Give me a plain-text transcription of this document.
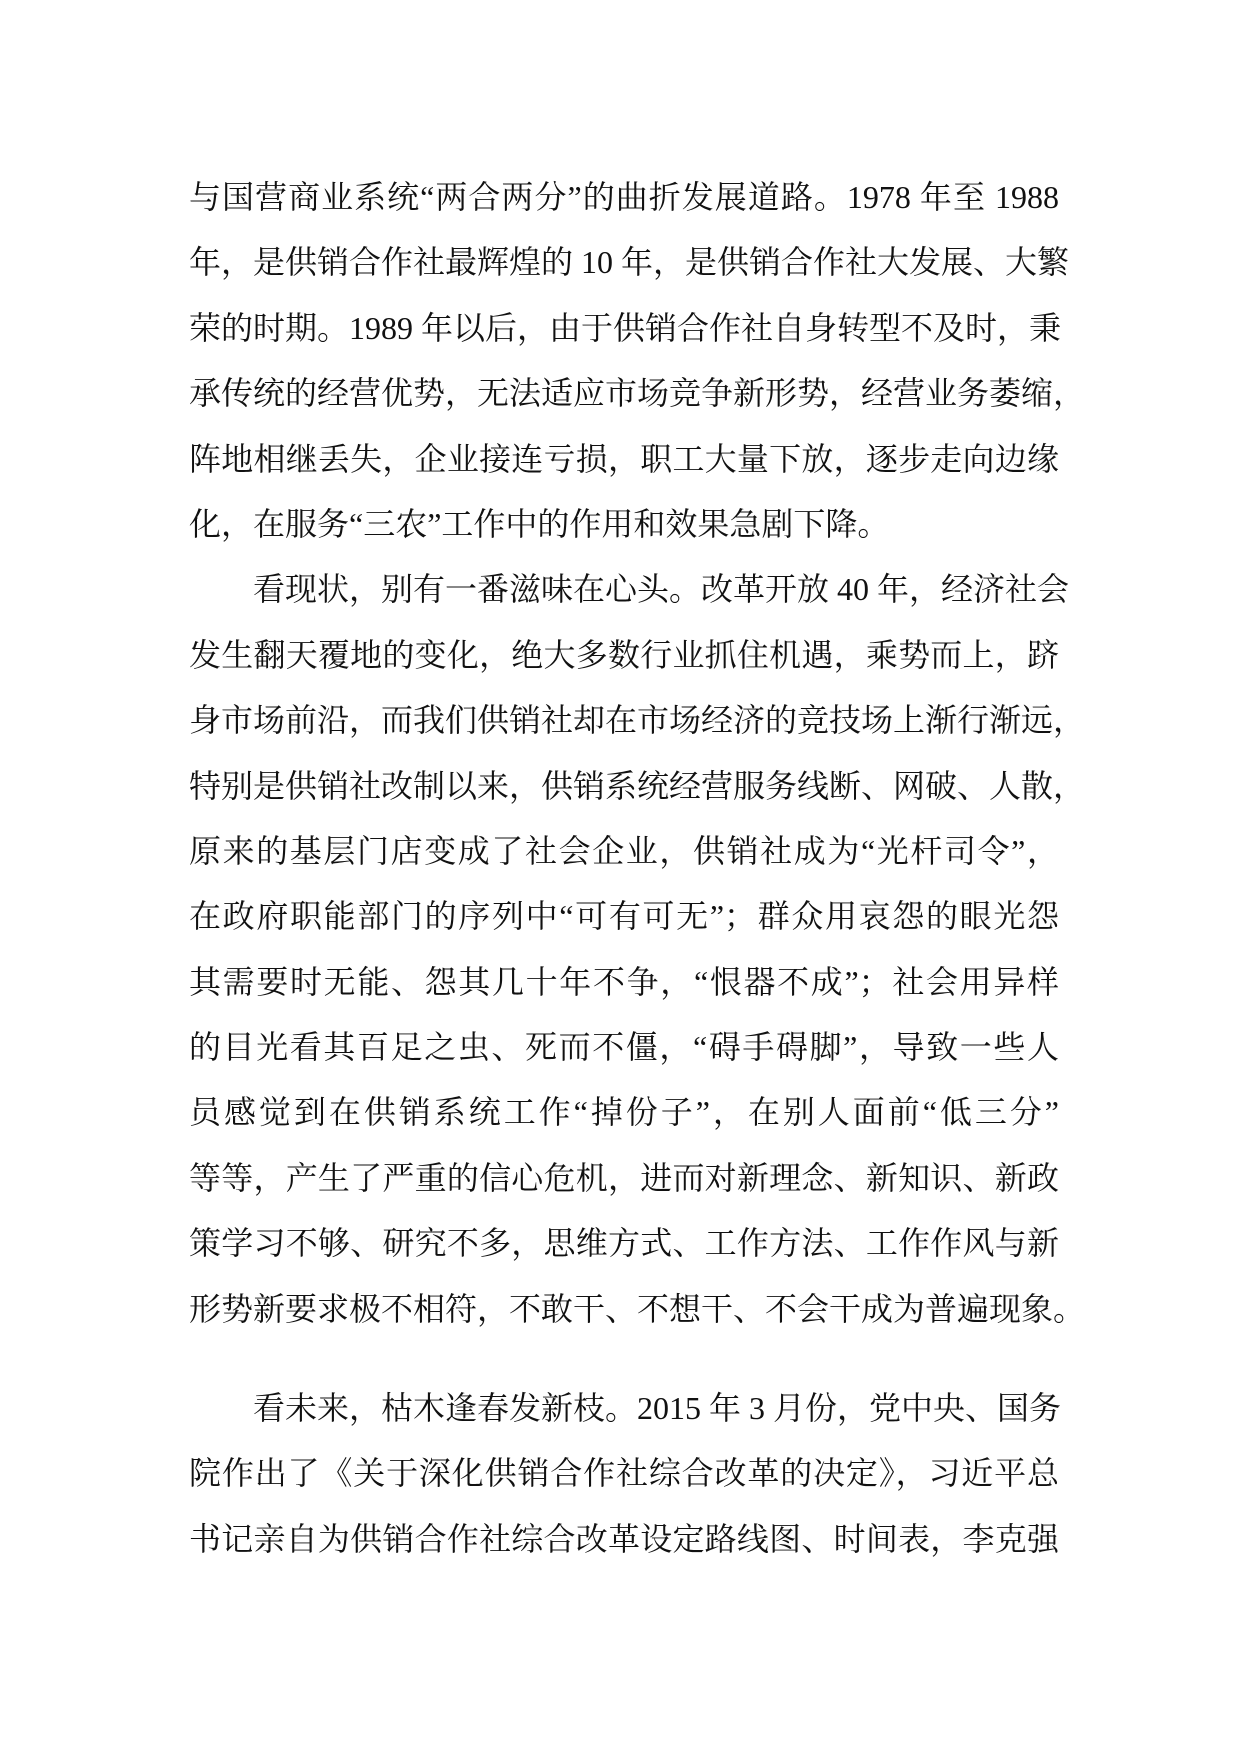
与国营商业系统“两合两分”的曲折发展道路。1978 年至 1988
年，是供销合作社最辉煌的 10 年，是供销合作社大发展、大繁
荣的时期。1989 年以后，由于供销合作社自身转型不及时，秉
承传统的经营优势，无法适应市场竞争新形势，经营业务萎缩，
阵地相继丢失，企业接连亏损，职工大量下放，逐步走向边缘
化，在服务“三农”工作中的作用和效果急剧下降。
看现状，别有一番滋味在心头。改革开放 40 年，经济社会
发生翻天覆地的变化，绝大多数行业抓住机遇，乘势而上，跻
身市场前沿，而我们供销社却在市场经济的竞技场上渐行渐远，
特别是供销社改制以来，供销系统经营服务线断、网破、人散，
原来的基层门店变成了社会企业，供销社成为“光杆司令”，
在政府职能部门的序列中“可有可无”；群众用哀怨的眼光怨
其需要时无能、怨其几十年不争，“恨器不成”；社会用异样
的目光看其百足之虫、死而不僵，“碍手碍脚”，导致一些人
员感觉到在供销系统工作“掉份子”，在别人面前“低三分”
等等，产生了严重的信心危机，进而对新理念、新知识、新政
策学习不够、研究不多，思维方式、工作方法、工作作风与新
形势新要求极不相符，不敢干、不想干、不会干成为普遍现象。
看未来，枯木逢春发新枝。2015 年 3 月份，党中央、国务
院作出了《关于深化供销合作社综合改革的决定》，习近平总
书记亲自为供销合作社综合改革设定路线图、时间表，李克强
